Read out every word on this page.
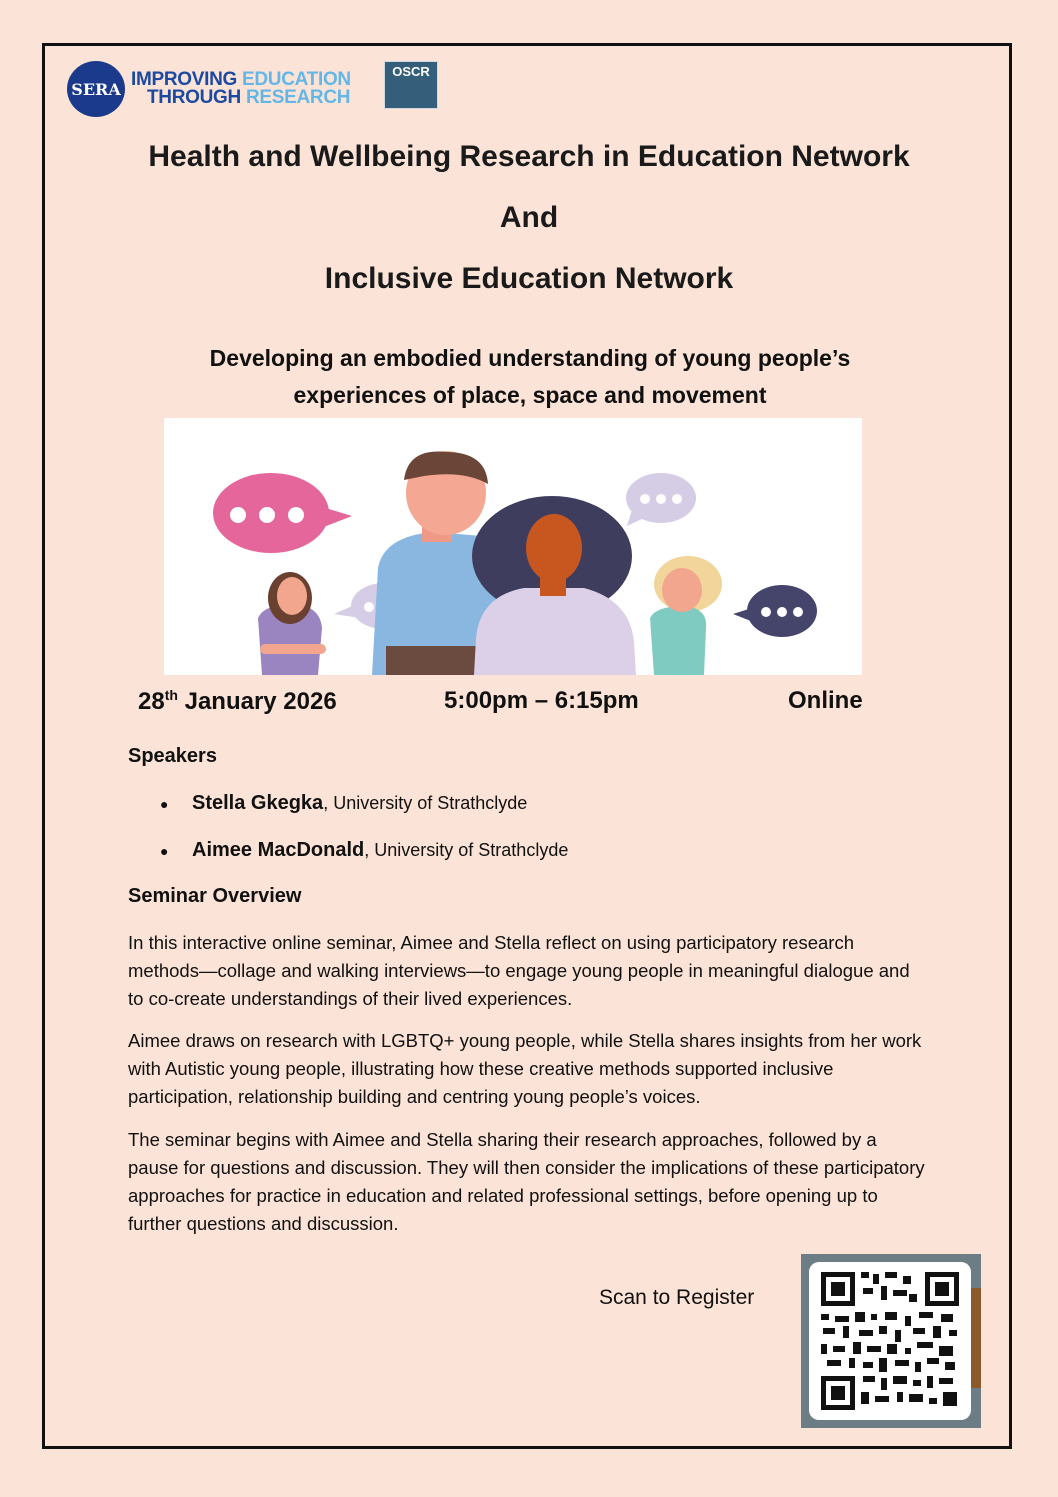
SERA IMPROVING EDUCATION
THROUGH RESEARCH
OSCR

Health and Wellbeing Research in Education Network
And
Inclusive Education Network
Developing an embodied understanding of young people’s
experiences of place, space and movement
28th January 2026	5:00pm – 6:15pm	Online
Speakers
● Stella Gkegka, University of Strathclyde
● Aimee MacDonald, University of Strathclyde
Seminar Overview
In this interactive online seminar, Aimee and Stella reflect on using participatory research methods—collage and walking interviews—to engage young people in meaningful dialogue and to co-create understandings of their lived experiences.
Aimee draws on research with LGBTQ+ young people, while Stella shares insights from her work with Autistic young people, illustrating how these creative methods supported inclusive participation, relationship building and centring young people’s voices.
The seminar begins with Aimee and Stella sharing their research approaches, followed by a pause for questions and discussion. They will then consider the implications of these participatory approaches for practice in education and related professional settings, before opening up to further questions and discussion.
Scan to Register
